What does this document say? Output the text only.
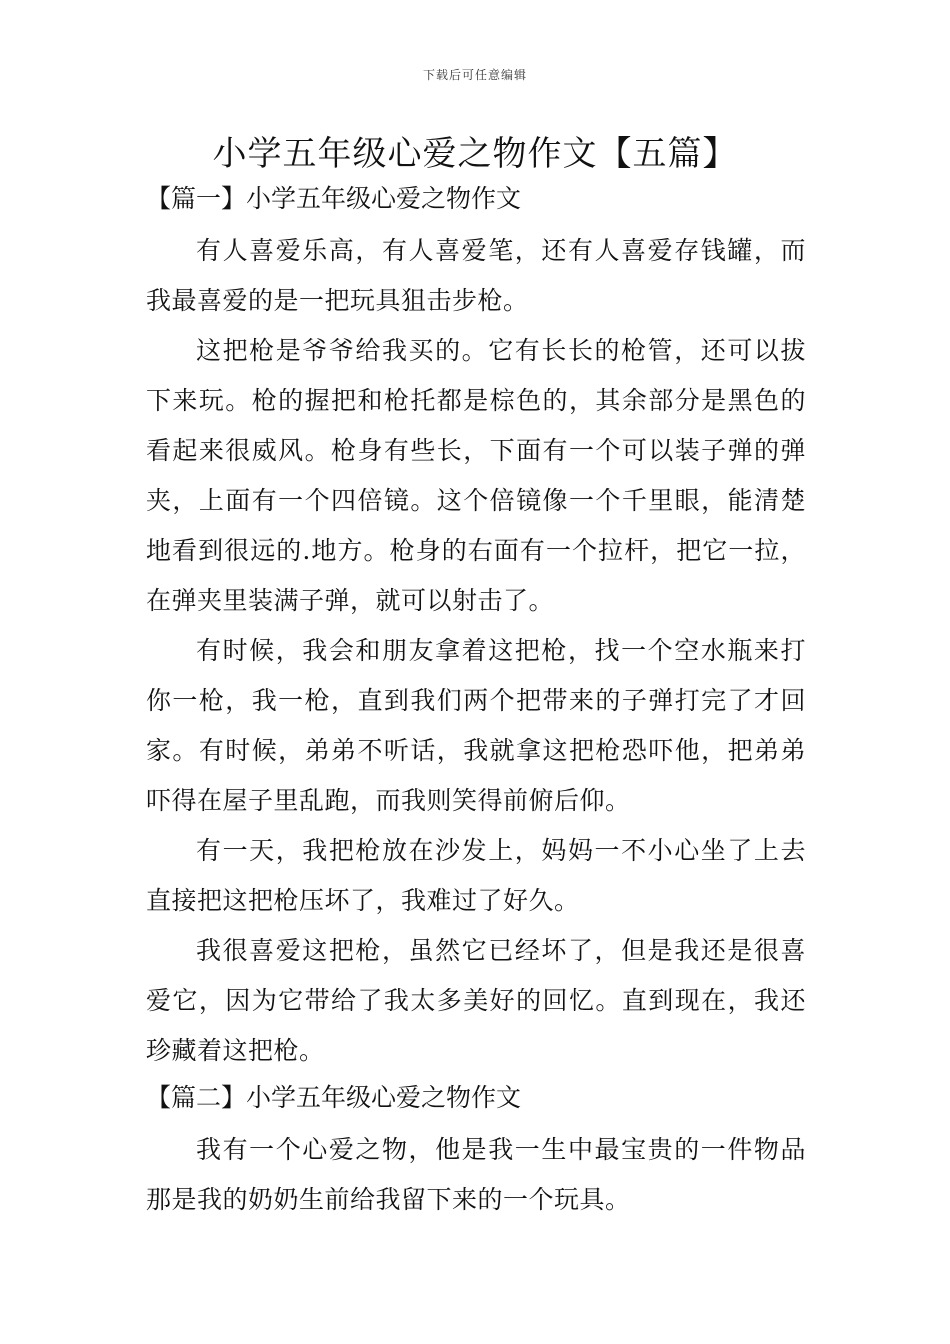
下载后可任意编辑
小学五年级心爱之物作文【五篇】
【篇一】小学五年级心爱之物作文

有人喜爱乐高，有人喜爱笔，还有人喜爱存钱罐，而我最喜爱的是一把玩具狙击步枪。

这把枪是爷爷给我买的。它有长长的枪管，还可以拔下来玩。枪的握把和枪托都是棕色的，其余部分是黑色的看起来很威风。枪身有些长，下面有一个可以装子弹的弹夹，上面有一个四倍镜。这个倍镜像一个千里眼，能清楚地看到很远的.地方。枪身的右面有一个拉杆，把它一拉，在弹夹里装满子弹，就可以射击了。

有时候，我会和朋友拿着这把枪，找一个空水瓶来打你一枪，我一枪，直到我们两个把带来的子弹打完了才回家。有时候，弟弟不听话，我就拿这把枪恐吓他，把弟弟吓得在屋子里乱跑，而我则笑得前俯后仰。

有一天，我把枪放在沙发上，妈妈一不小心坐了上去直接把这把枪压坏了，我难过了好久。

我很喜爱这把枪，虽然它已经坏了，但是我还是很喜爱它，因为它带给了我太多美好的回忆。直到现在，我还珍藏着这把枪。

【篇二】小学五年级心爱之物作文

我有一个心爱之物，他是我一生中最宝贵的一件物品那是我的奶奶生前给我留下来的一个玩具。
